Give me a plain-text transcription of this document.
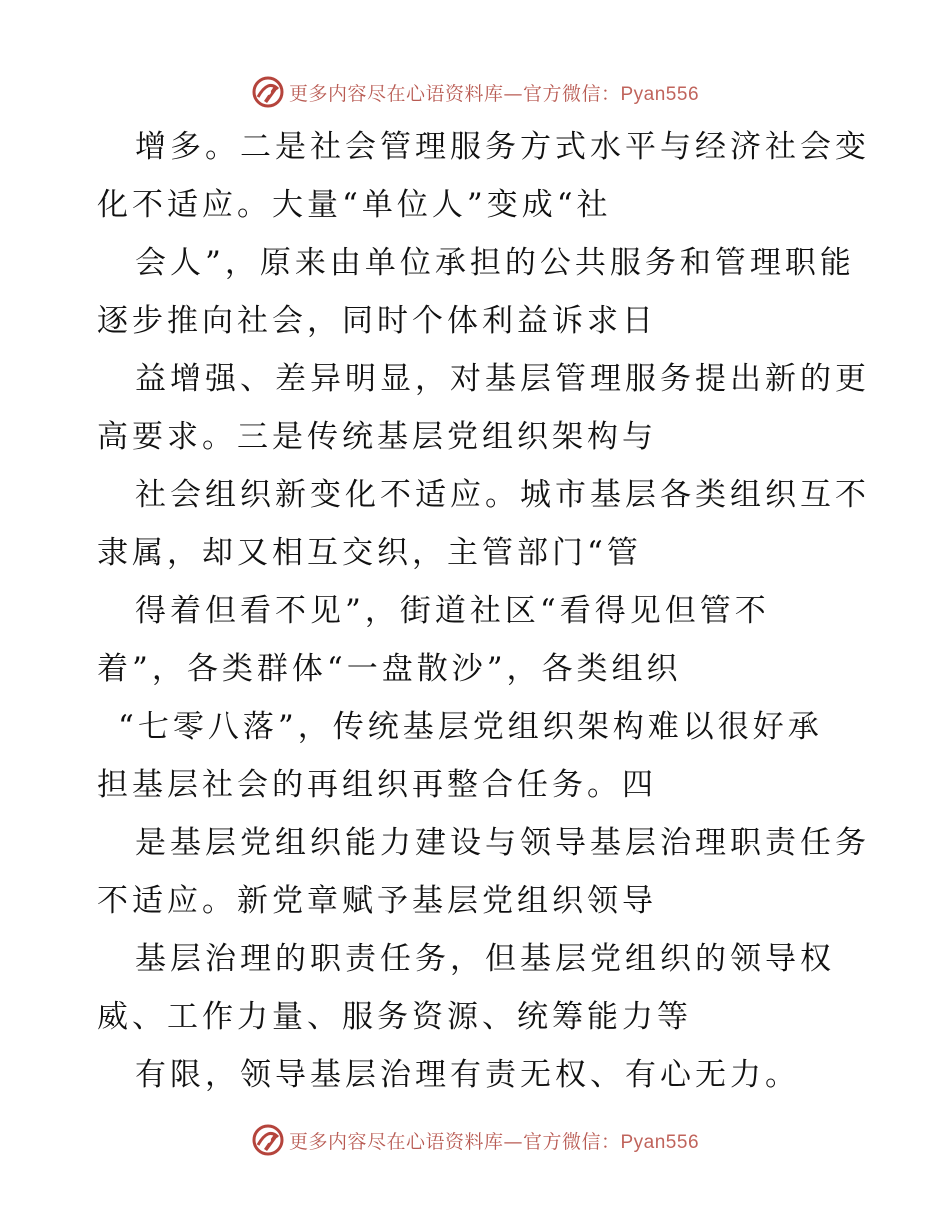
更多内容尽在心语资料库—官方微信：Pyan556
增多。二是社会管理服务方式水平与经济社会变
化不适应。大量“单位人”变成“社
会人”，原来由单位承担的公共服务和管理职能
逐步推向社会，同时个体利益诉求日
益增强、差异明显，对基层管理服务提出新的更
高要求。三是传统基层党组织架构与
社会组织新变化不适应。城市基层各类组织互不
隶属，却又相互交织，主管部门“管
得着但看不见”，街道社区“看得见但管不
着”，各类群体“一盘散沙”，各类组织
“七零八落”，传统基层党组织架构难以很好承
担基层社会的再组织再整合任务。四
是基层党组织能力建设与领导基层治理职责任务
不适应。新党章赋予基层党组织领导
基层治理的职责任务，但基层党组织的领导权
威、工作力量、服务资源、统筹能力等
有限，领导基层治理有责无权、有心无力。
更多内容尽在心语资料库—官方微信：Pyan556
